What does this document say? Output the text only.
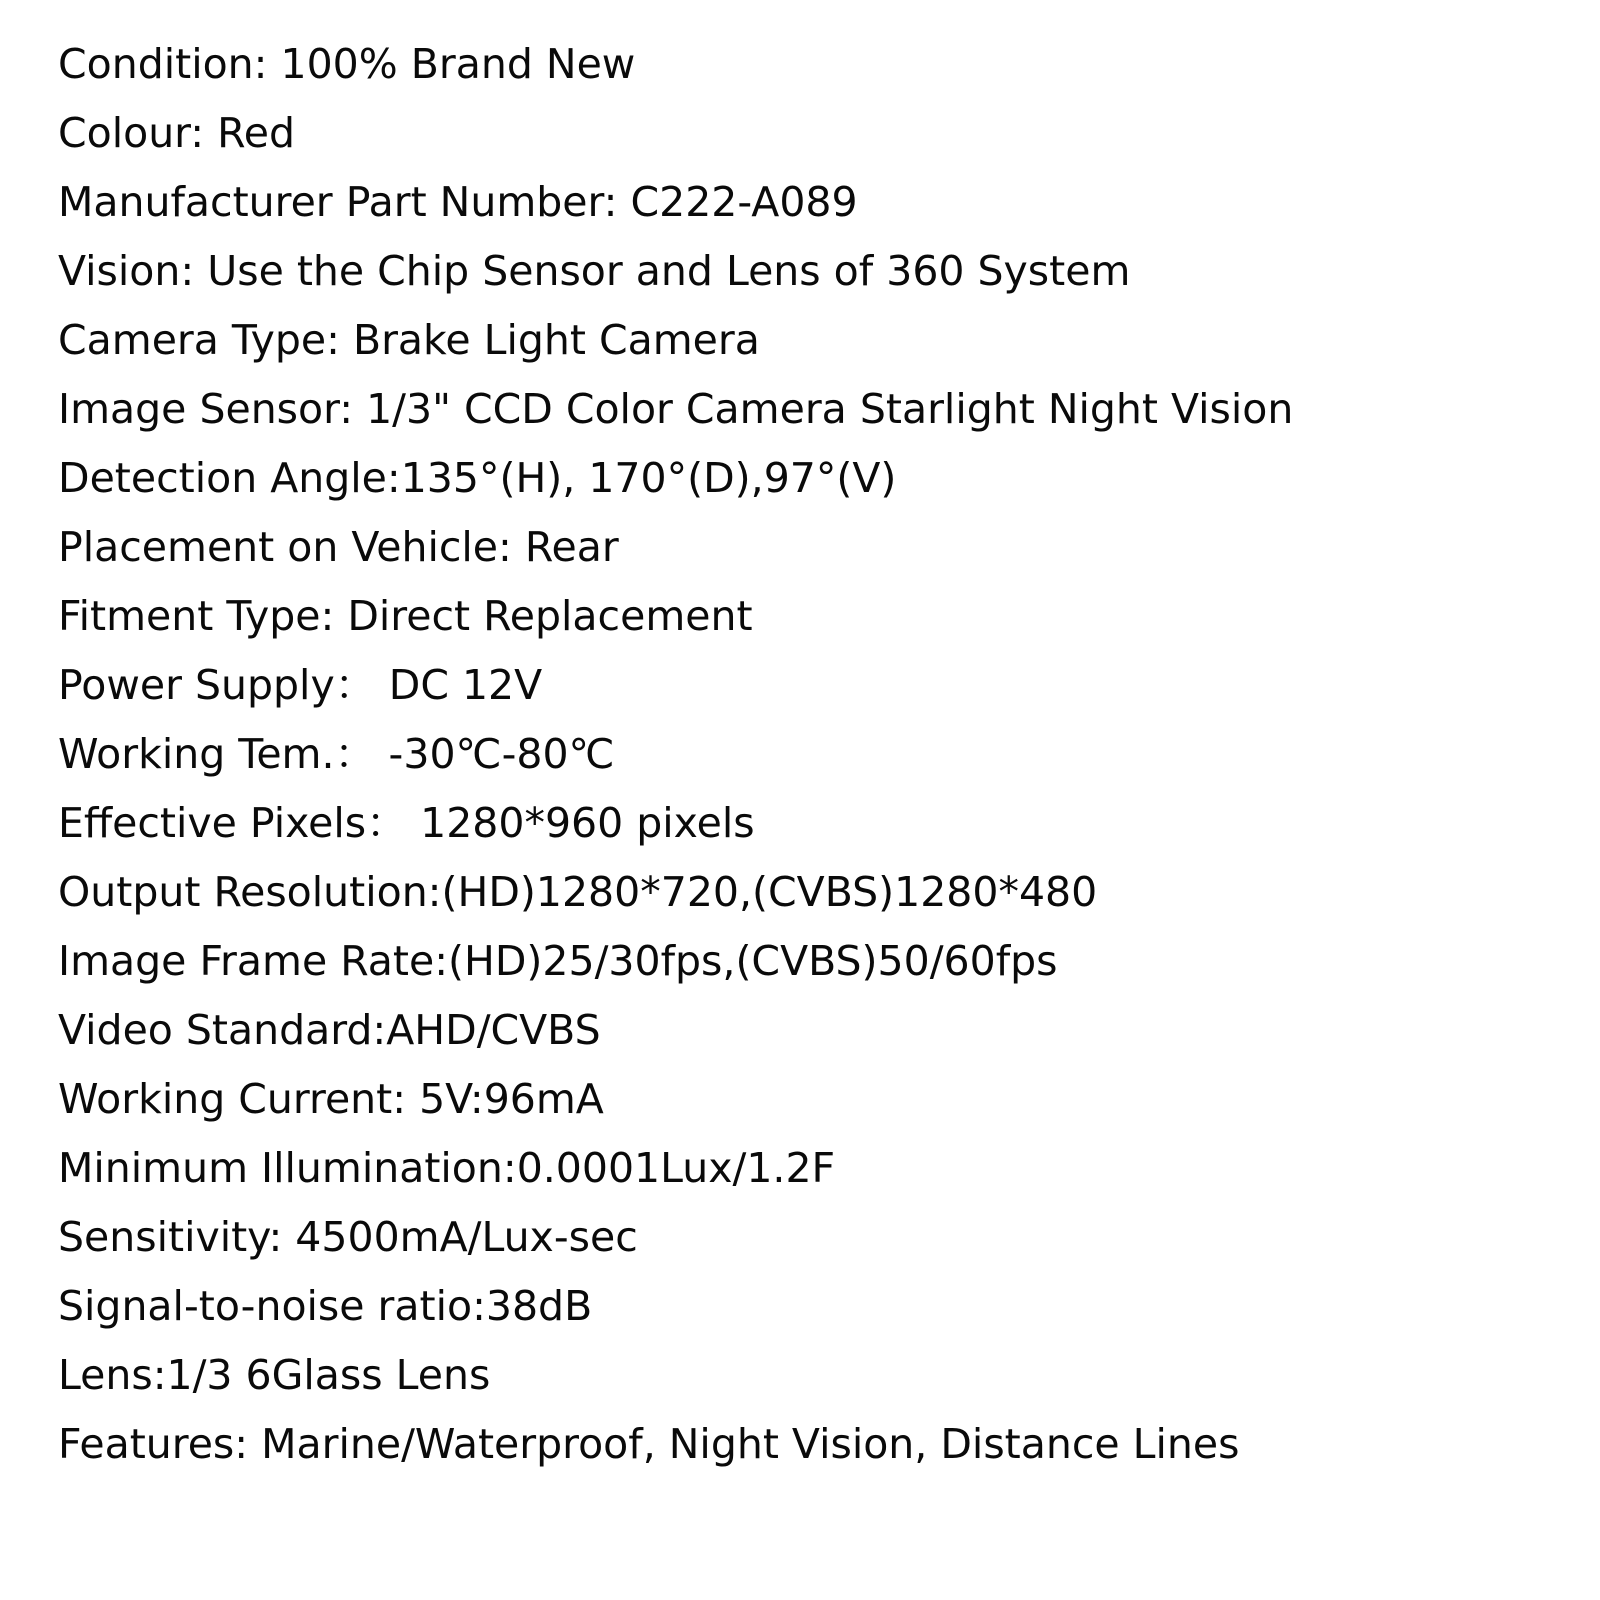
Condition: 100% Brand New
Colour: Red
Manufacturer Part Number: C222-A089
Vision: Use the Chip Sensor and Lens of 360 System
Camera Type: Brake Light Camera
Image Sensor: 1/3" CCD Color Camera Starlight Night Vision
Detection Angle:135°(H), 170°(D),97°(V)
Placement on Vehicle: Rear
Fitment Type: Direct Replacement
Power Supply： DC 12V
Working Tem.： -30℃-80℃
Effective Pixels： 1280*960 pixels
Output Resolution:(HD)1280*720,(CVBS)1280*480
Image Frame Rate:(HD)25/30fps,(CVBS)50/60fps
Video Standard:AHD/CVBS
Working Current: 5V:96mA
Minimum Illumination:0.0001Lux/1.2F
Sensitivity: 4500mA/Lux-sec
Signal-to-noise ratio:38dB
Lens:1/3 6Glass Lens
Features: Marine/Waterproof, Night Vision, Distance Lines
